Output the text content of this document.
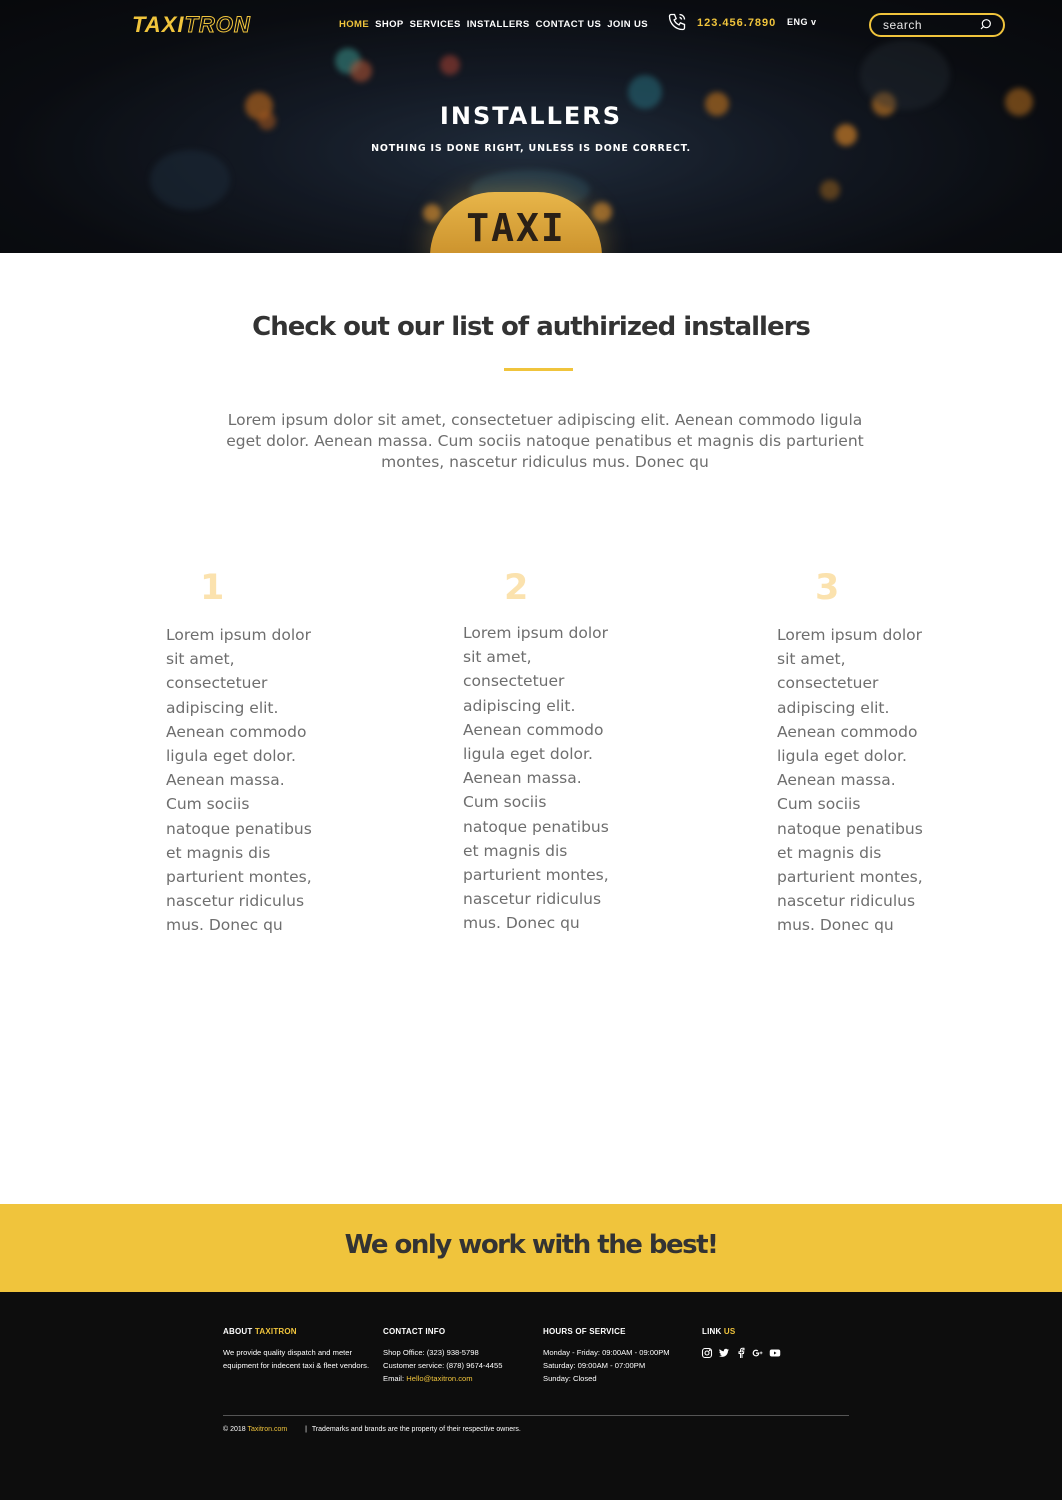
TAXI
TAXITRON	HOME SHOP SERVICES INSTALLERS CONTACT US JOIN US	123.456.7890 ENG v
search
INSTALLERS
NOTHING IS DONE RIGHT, UNLESS IS DONE CORRECT.
Check out our list of authirized installers
Lorem ipsum dolor sit amet, consectetuer adipiscing elit. Aenean commodo ligula eget dolor. Aenean massa. Cum sociis natoque penatibus et magnis dis parturient montes, nascetur ridiculus mus. Donec qu
1
Lorem ipsum dolor sit amet, consectetuer adipiscing elit. Aenean commodo ligula eget dolor. Aenean massa. Cum sociis natoque penatibus et magnis dis parturient montes, nascetur ridiculus mus. Donec qu
2
Lorem ipsum dolor sit amet, consectetuer adipiscing elit. Aenean commodo ligula eget dolor. Aenean massa. Cum sociis natoque penatibus et magnis dis parturient montes, nascetur ridiculus mus. Donec qu
3
Lorem ipsum dolor sit amet, consectetuer adipiscing elit. Aenean commodo ligula eget dolor. Aenean massa. Cum sociis natoque penatibus et magnis dis parturient montes, nascetur ridiculus mus. Donec qu
We only work with the best!
ABOUT TAXITRON
We provide quality dispatch and meter equipment for indecent taxi & fleet vendors.
CONTACT INFO
Shop Office: (323) 938-5798
Customer service: (878) 9674-4455
Email: Hello@taxitron.com
HOURS OF SERVICE
Monday - Friday: 09:00AM - 09:00PM
Saturday: 09:00AM - 07:00PM
Sunday: Closed
LINK US
© 2018 Taxitron.com	| Trademarks and brands are the property of their respective owners.
